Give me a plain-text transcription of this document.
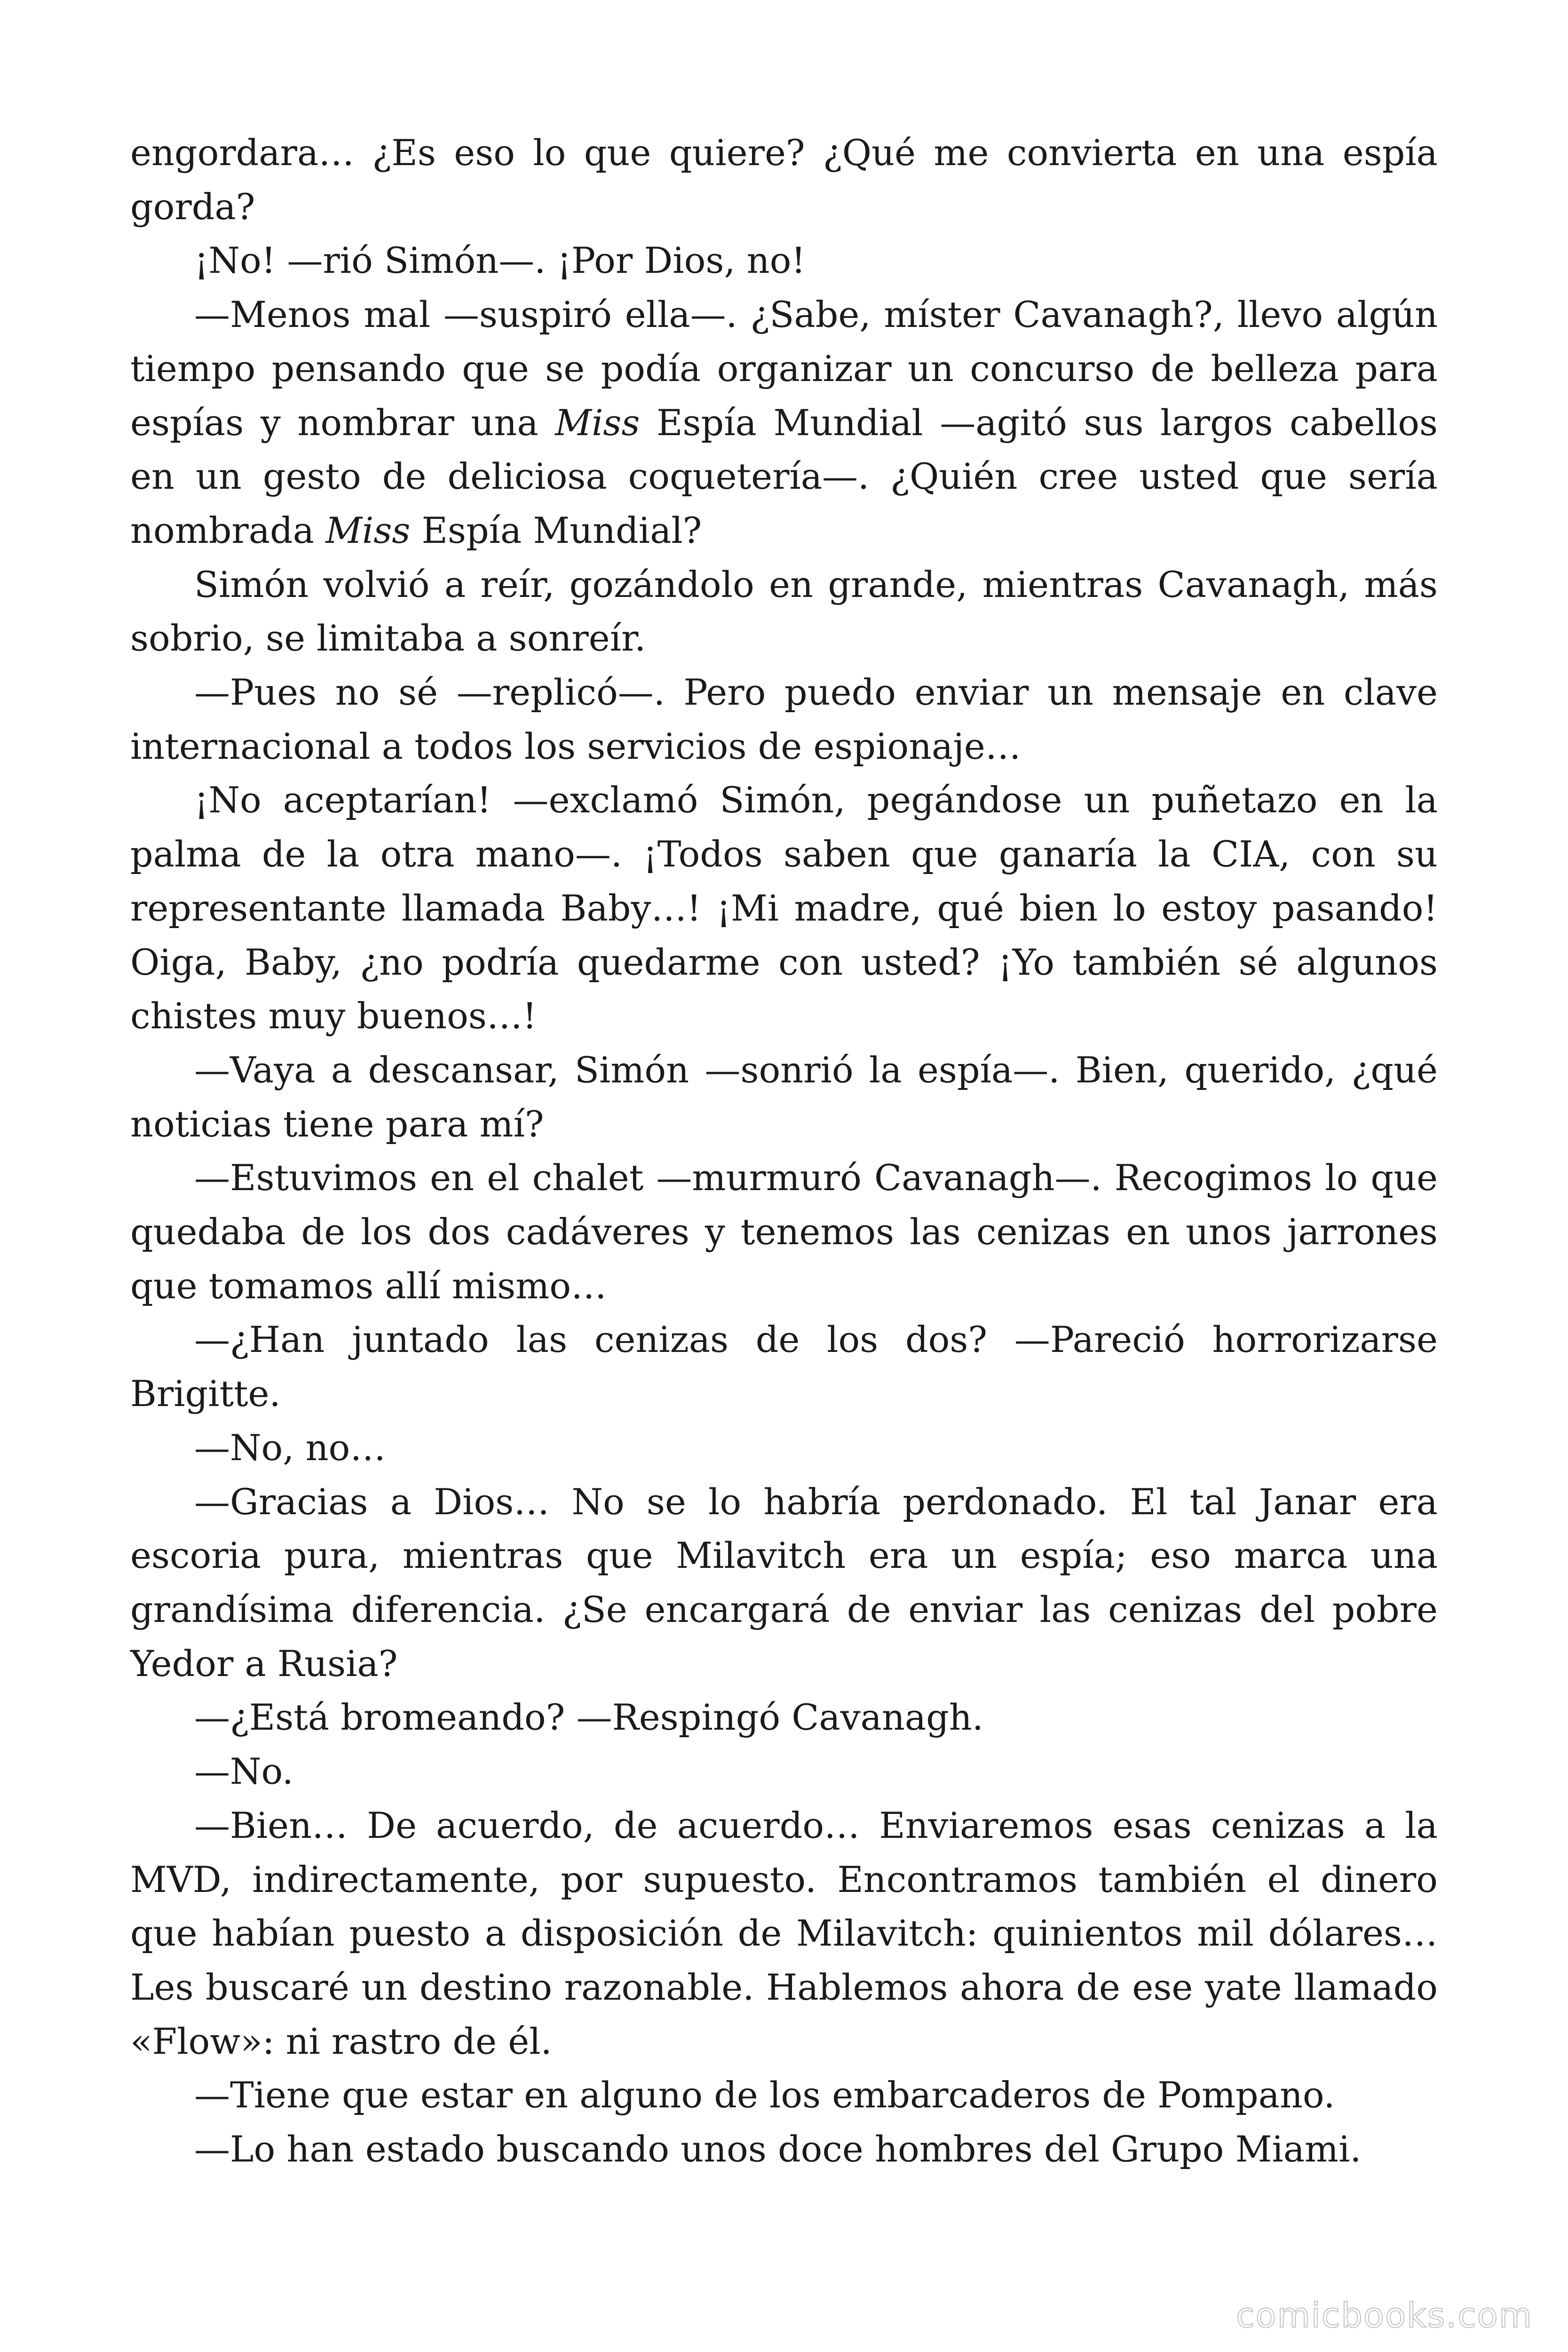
engordara… ¿Es eso lo que quiere? ¿Qué me convierta en una espía gorda?

¡No! —rió Simón—. ¡Por Dios, no!

—Menos mal —suspiró ella—. ¿Sabe, míster Cavanagh?, llevo algún tiempo pensando que se podía organizar un concurso de belleza para espías y nombrar una Miss Espía Mundial —agitó sus largos cabellos en un gesto de deliciosa coquetería—. ¿Quién cree usted que sería nombrada Miss Espía Mundial?

Simón volvió a reír, gozándolo en grande, mientras Cavanagh, más sobrio, se limitaba a sonreír.

—Pues no sé —replicó—. Pero puedo enviar un mensaje en clave internacional a todos los servicios de espionaje…

¡No aceptarían! —exclamó Simón, pegándose un puñetazo en la palma de la otra mano—. ¡Todos saben que ganaría la CIA, con su representante llamada Baby…! ¡Mi madre, qué bien lo estoy pasando! Oiga, Baby, ¿no podría quedarme con usted? ¡Yo también sé algunos chistes muy buenos…!

—Vaya a descansar, Simón —sonrió la espía—. Bien, querido, ¿qué noticias tiene para mí?

—Estuvimos en el chalet —murmuró Cavanagh—. Recogimos lo que quedaba de los dos cadáveres y tenemos las cenizas en unos jarrones que tomamos allí mismo…

—¿Han juntado las cenizas de los dos? —Pareció horrorizarse Brigitte.

—No, no…

—Gracias a Dios… No se lo habría perdonado. El tal Janar era escoria pura, mientras que Milavitch era un espía; eso marca una grandísima diferencia. ¿Se encargará de enviar las cenizas del pobre Yedor a Rusia?

—¿Está bromeando? —Respingó Cavanagh.

—No.

—Bien… De acuerdo, de acuerdo… Enviaremos esas cenizas a la MVD, indirectamente, por supuesto. Encontramos también el dinero que habían puesto a disposición de Milavitch: quinientos mil dólares… Les buscaré un destino razonable. Hablemos ahora de ese yate llamado «Flow»: ni rastro de él.

—Tiene que estar en alguno de los embarcaderos de Pompano.

—Lo han estado buscando unos doce hombres del Grupo Miami.

comicbooks.com
